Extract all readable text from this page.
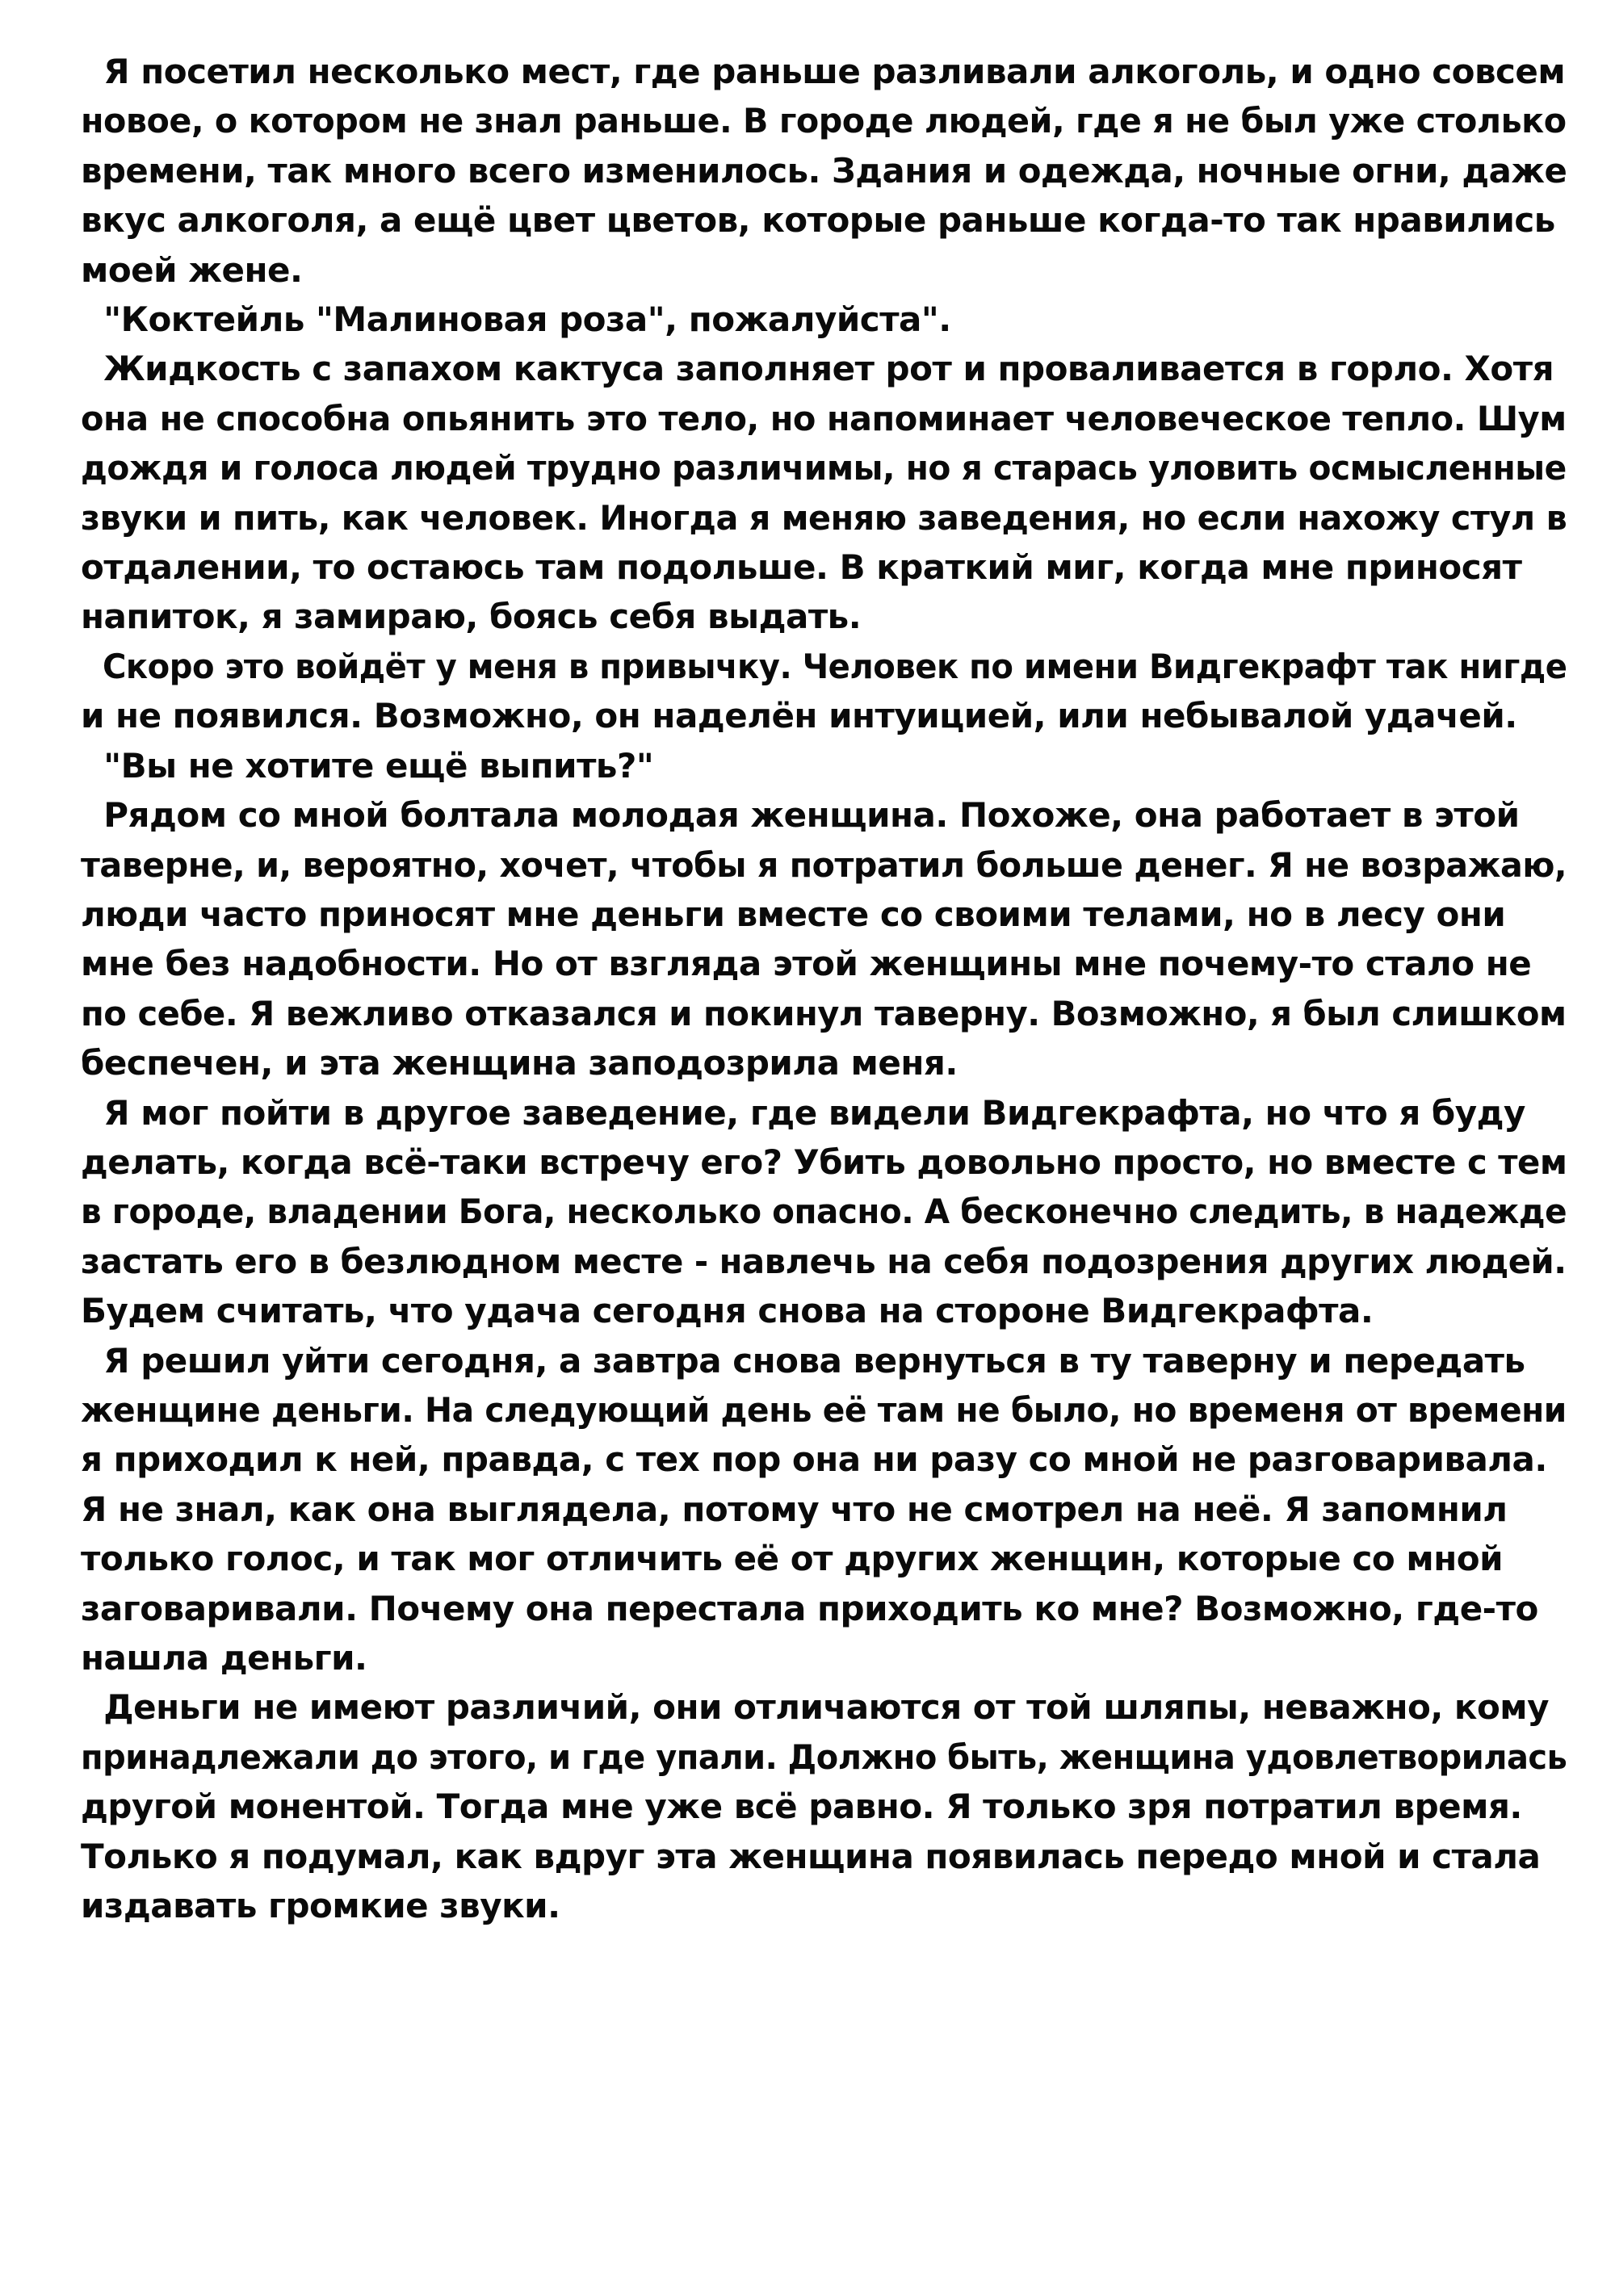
Я посетил несколько мест, где раньше разливали алкоголь, и одно совсем
новое, о котором не знал раньше. В городе людей, где я не был уже столько
времени, так много всего изменилось. Здания и одежда, ночные огни, даже
вкус алкоголя, а ещё цвет цветов, которые раньше когда-то так нравились
моей жене.

"Коктейль "Малиновая роза", пожалуйста".

Жидкость с запахом кактуса заполняет рот и проваливается в горло. Хотя
она не способна опьянить это тело, но напоминает человеческое тепло. Шум
дождя и голоса людей трудно различимы, но я старась уловить осмысленные
звуки и пить, как человек. Иногда я меняю заведения, но если нахожу стул в
отдалении, то остаюсь там подольше. В краткий миг, когда мне приносят
напиток, я замираю, боясь себя выдать.

Скоро это войдёт у меня в привычку. Человек по имени Видгекрафт так нигде
и не появился. Возможно, он наделён интуицией, или небывалой удачей.

"Вы не хотите ещё выпить?"

Рядом со мной болтала молодая женщина. Похоже, она работает в этой
таверне, и, вероятно, хочет, чтобы я потратил больше денег. Я не возражаю,
люди часто приносят мне деньги вместе со своими телами, но в лесу они
мне без надобности. Но от взгляда этой женщины мне почему-то стало не
по себе. Я вежливо отказался и покинул таверну. Возможно, я был слишком
беспечен, и эта женщина заподозрила меня.

Я мог пойти в другое заведение, где видели Видгекрафта, но что я буду
делать, когда всё-таки встречу его? Убить довольно просто, но вместе с тем
в городе, владении Бога, несколько опасно. А бесконечно следить, в надежде
застать его в безлюдном месте - навлечь на себя подозрения других людей.
Будем считать, что удача сегодня снова на стороне Видгекрафта.

Я решил уйти сегодня, а завтра снова вернуться в ту таверну и передать
женщине деньги. На следующий день её там не было, но временя от времени
я приходил к ней, правда, с тех пор она ни разу со мной не разговаривала.
Я не знал, как она выглядела, потому что не смотрел на неё. Я запомнил
только голос, и так мог отличить её от других женщин, которые со мной
заговаривали. Почему она перестала приходить ко мне? Возможно, где-то
нашла деньги.

Деньги не имеют различий, они отличаются от той шляпы, неважно, кому
принадлежали до этого, и где упали. Должно быть, женщина удовлетворилась
другой монентой. Тогда мне уже всё равно. Я только зря потратил время.
Только я подумал, как вдруг эта женщина появилась передо мной и стала
издавать громкие звуки.
